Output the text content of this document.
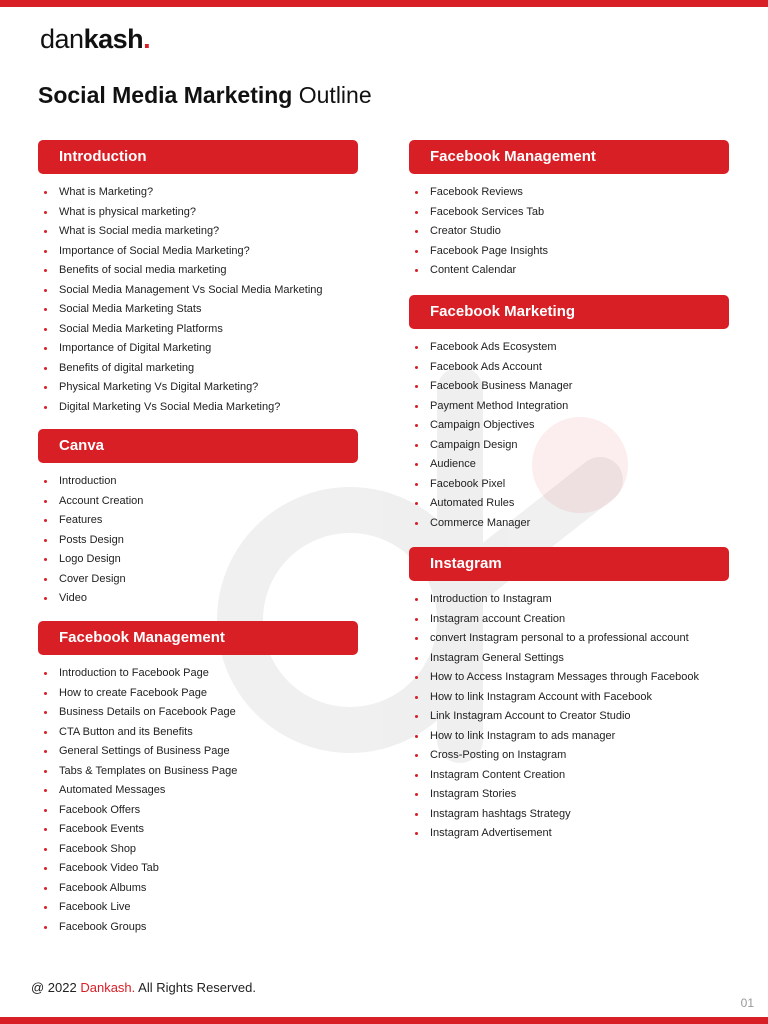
dankash.
Social Media Marketing Outline
Introduction
What is Marketing?
What is physical marketing?
What is Social media marketing?
Importance of Social Media Marketing?
Benefits of social media marketing
Social Media Management Vs Social Media Marketing
Social Media Marketing Stats
Social Media Marketing Platforms
Importance of Digital Marketing
Benefits of digital marketing
Physical Marketing Vs Digital Marketing?
Digital Marketing Vs Social Media Marketing?
Canva
Introduction
Account Creation
Features
Posts Design
Logo Design
Cover Design
Video
Facebook Management
Introduction to Facebook Page
How to create Facebook Page
Business Details on Facebook Page
CTA Button and its Benefits
General Settings of Business Page
Tabs & Templates on Business Page
Automated Messages
Facebook Offers
Facebook Events
Facebook Shop
Facebook Video Tab
Facebook Albums
Facebook Live
Facebook Groups
Facebook Management
Facebook Reviews
Facebook Services Tab
Creator Studio
Facebook Page Insights
Content Calendar
Facebook Marketing
Facebook Ads Ecosystem
Facebook Ads Account
Facebook Business Manager
Payment Method Integration
Campaign Objectives
Campaign Design
Audience
Facebook Pixel
Automated Rules
Commerce Manager
Instagram
Introduction to Instagram
Instagram account Creation
convert Instagram personal to a professional account
Instagram General Settings
How to Access Instagram Messages through Facebook
How to link Instagram Account with Facebook
Link Instagram Account to Creator Studio
How to link Instagram to ads manager
Cross-Posting on Instagram
Instagram Content Creation
Instagram Stories
Instagram hashtags Strategy
Instagram Advertisement
@ 2022 Dankash. All Rights Reserved.
01
